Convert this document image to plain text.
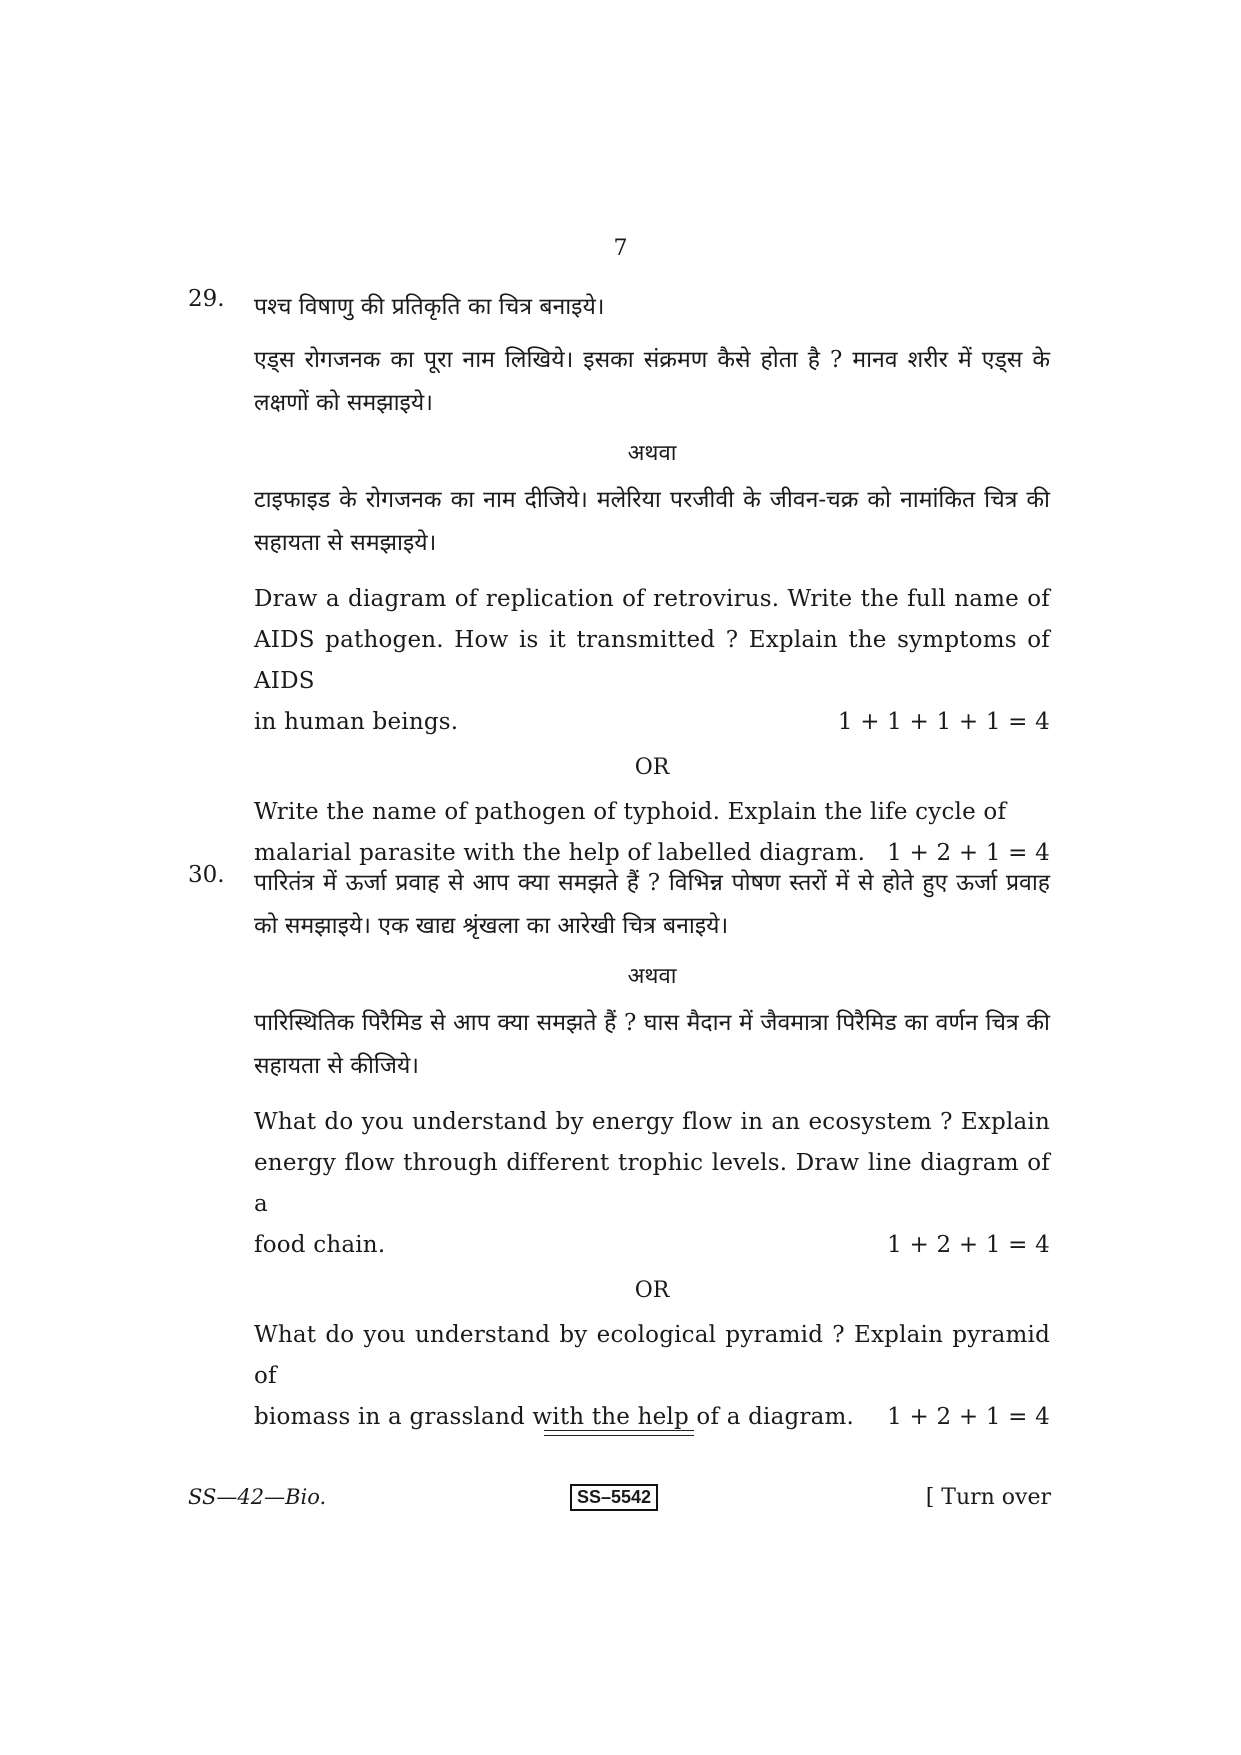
7
29. पश्च विषाणु की प्रतिकृति का चित्र बनाइये।

एड्स रोगजनक का पूरा नाम लिखिये। इसका संक्रमण कैसे होता है ? मानव शरीर में एड्स के लक्षणों को समझाइये।

अथवा

टाइफाइड के रोगजनक का नाम दीजिये। मलेरिया परजीवी के जीवन-चक्र को नामांकित चित्र की सहायता से समझाइये।

Draw a diagram of replication of retrovirus. Write the full name of AIDS pathogen. How is it transmitted ? Explain the symptoms of AIDS
in human beings.	1 + 1 + 1 + 1 = 4

OR

Write the name of pathogen of typhoid. Explain the life cycle of
malarial parasite with the help of labelled diagram. 1 + 2 + 1 = 4
30. पारितंत्र में ऊर्जा प्रवाह से आप क्या समझते हैं ? विभिन्न पोषण स्तरों में से होते हुए ऊर्जा प्रवाह को समझाइये। एक खाद्य श्रृंखला का आरेखी चित्र बनाइये।

अथवा

पारिस्थितिक पिरैमिड से आप क्या समझते हैं ? घास मैदान में जैवमात्रा पिरैमिड का वर्णन चित्र की सहायता से कीजिये।

What do you understand by energy flow in an ecosystem ? Explain energy flow through different trophic levels. Draw line diagram of a
food chain.	1 + 2 + 1 = 4

OR

What do you understand by ecological pyramid ? Explain pyramid of
biomass in a grassland with the help of a diagram. 1 + 2 + 1 = 4
SS—42—Bio.	SS–5542	[ Turn over
